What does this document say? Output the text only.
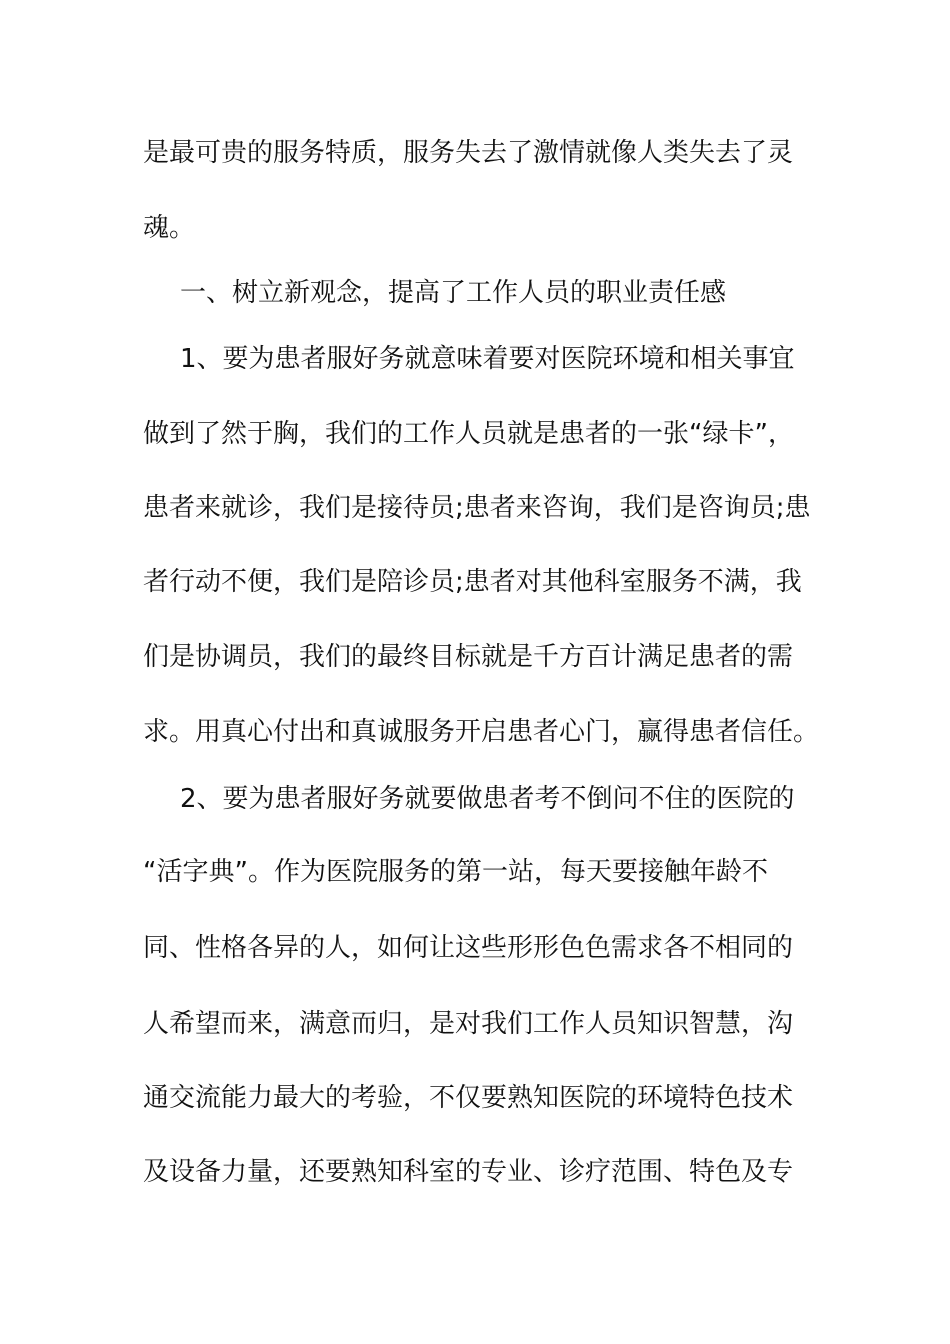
是最可贵的服务特质，服务失去了激情就像人类失去了灵
魂。
一、树立新观念，提高了工作人员的职业责任感
1、要为患者服好务就意味着要对医院环境和相关事宜
做到了然于胸，我们的工作人员就是患者的一张“绿卡”，
患者来就诊，我们是接待员;患者来咨询，我们是咨询员;患
者行动不便，我们是陪诊员;患者对其他科室服务不满，我
们是协调员，我们的最终目标就是千方百计满足患者的需
求。用真心付出和真诚服务开启患者心门，赢得患者信任。
2、要为患者服好务就要做患者考不倒问不住的医院的
“活字典”。作为医院服务的第一站，每天要接触年龄不
同、性格各异的人，如何让这些形形色色需求各不相同的
人希望而来，满意而归，是对我们工作人员知识智慧，沟
通交流能力最大的考验，不仅要熟知医院的环境特色技术
及设备力量，还要熟知科室的专业、诊疗范围、特色及专
